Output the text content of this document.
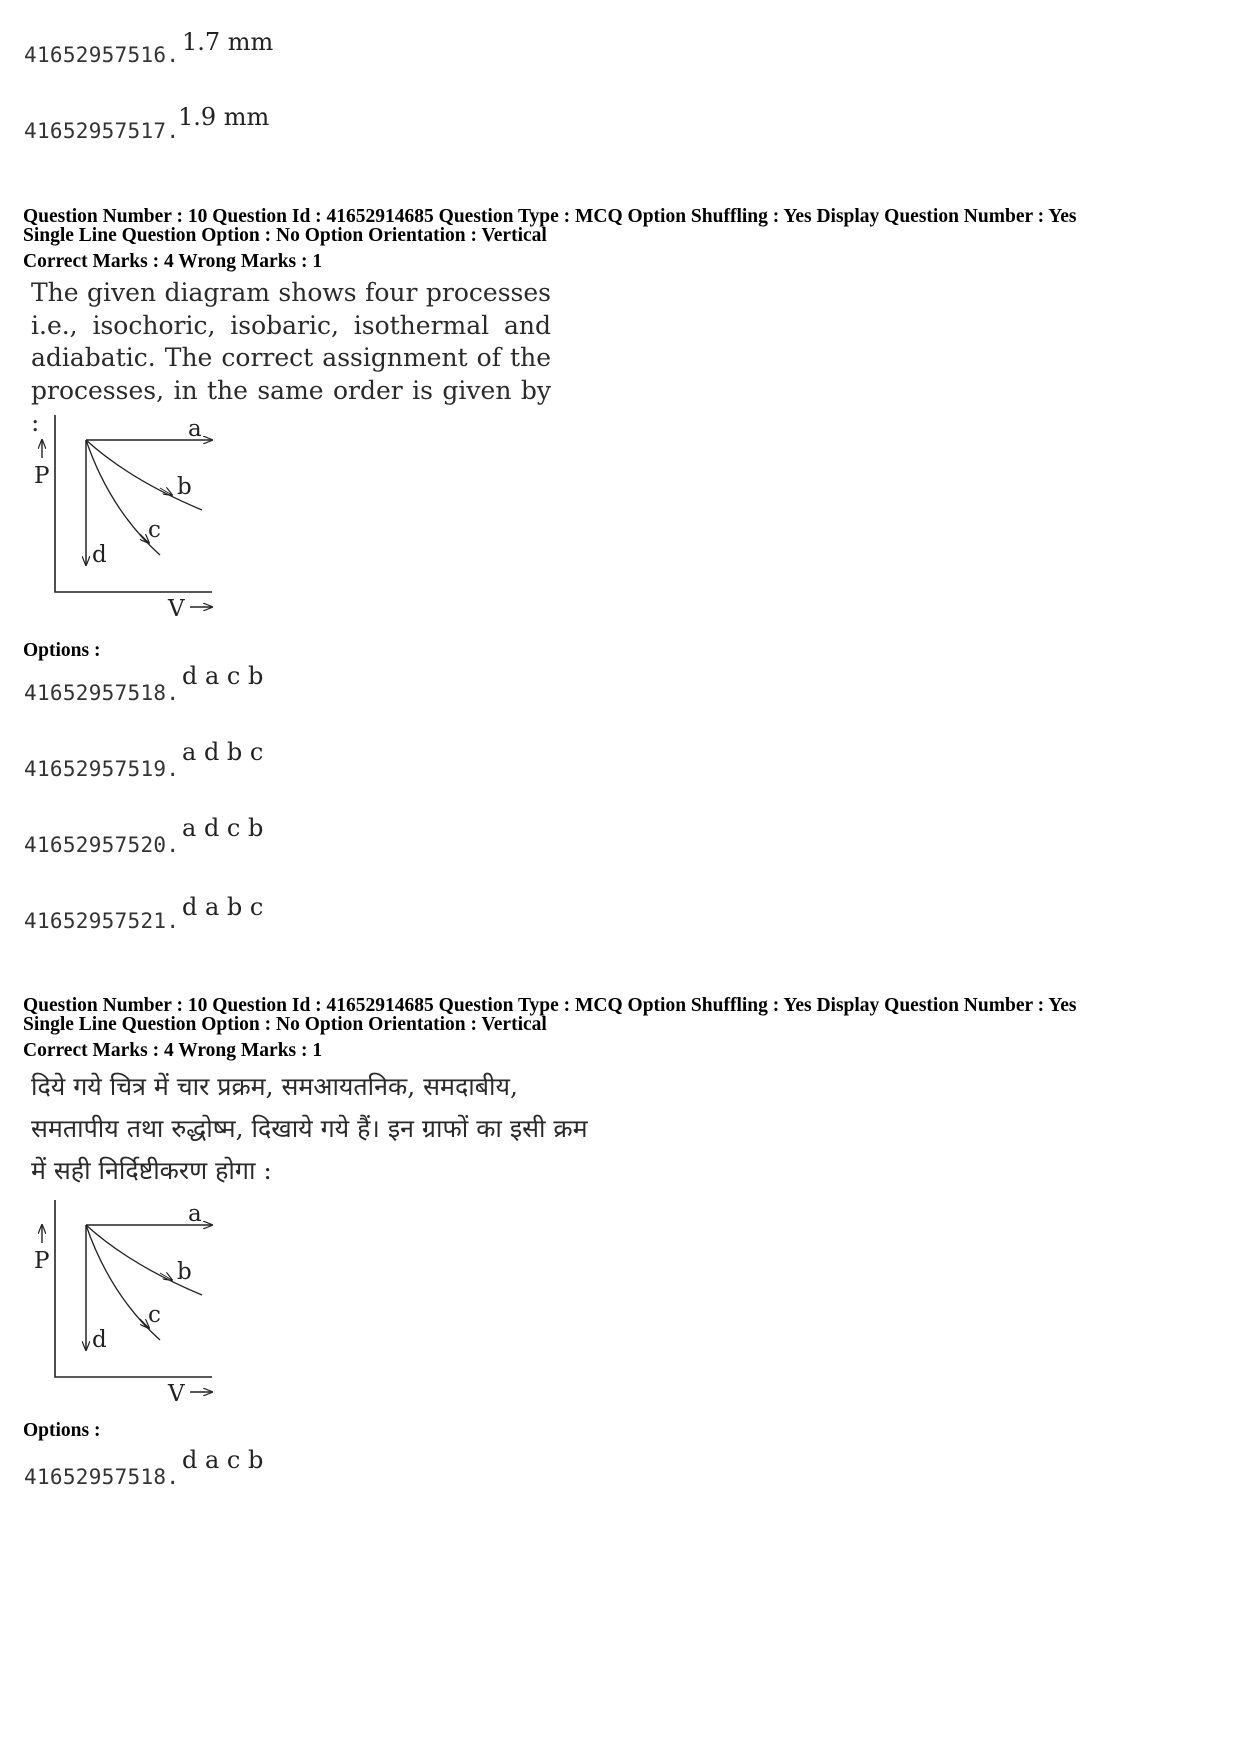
41652957516. 1.7 mm
41652957517.
1.9 mm
Question Number : 10 Question Id : 41652914685 Question Type : MCQ Option Shuffling : Yes Display Question Number : Yes
Single Line Question Option : No Option Orientation : Vertical
Correct Marks : 4 Wrong Marks : 1
The given diagram shows four processes i.e., isochoric, isobaric, isothermal and adiabatic. The correct assignment of the processes, in the same order is given by :
P
V
a
b
c
d
Options :
41652957518.
d a c b
41652957519.
a d b c
41652957520.
a d c b
41652957521. d a b c
Question Number : 10 Question Id : 41652914685 Question Type : MCQ Option Shuffling : Yes Display Question Number : Yes
Single Line Question Option : No Option Orientation : Vertical
Correct Marks : 4 Wrong Marks : 1
दिये गये चित्र में चार प्रक्रम, समआयतनिक, समदाबीय, समतापीय तथा रुद्धोष्म, दिखाये गये हैं। इन ग्राफों का इसी क्रम में सही निर्दिष्टीकरण होगा :
P
V
a
b
c
d
Options :
41652957518.
d a c b
